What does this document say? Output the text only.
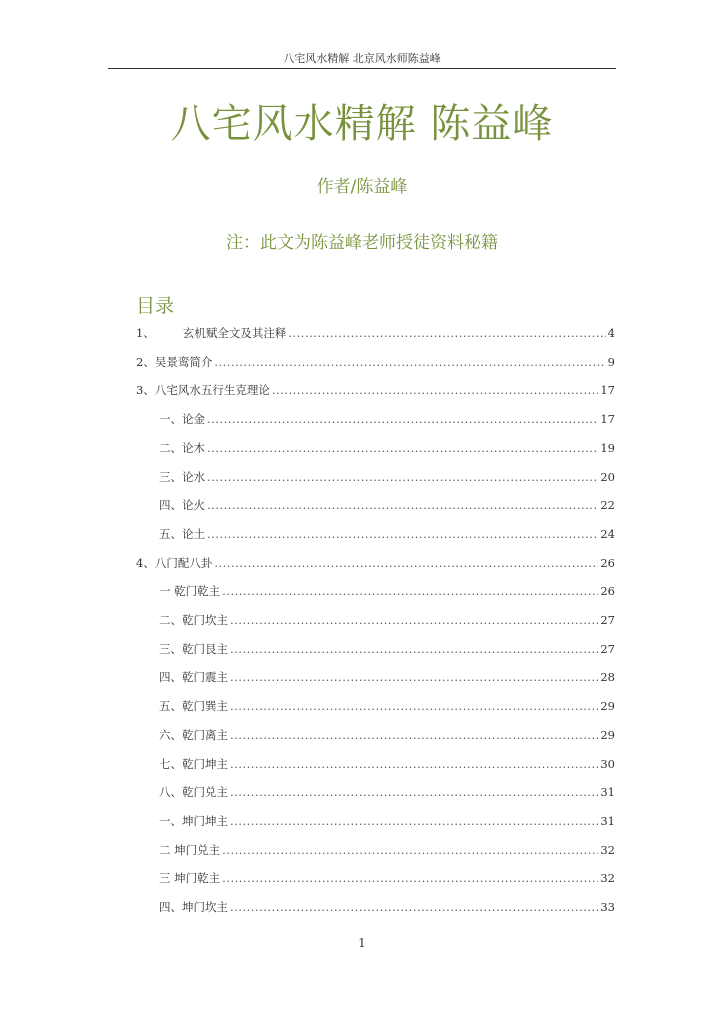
八宅风水精解 北京风水师陈益峰
八宅风水精解 陈益峰
作者/陈益峰
注：此文为陈益峰老师授徒资料秘籍
目录
1、 玄机赋全文及其注释 .....	4
2、吴景鸾简介 .....	9
3、八宅风水五行生克理论 .....	17
一、论金 .....	17
二、论木 .....	19
三、论水 .....	20
四、论火 .....	22
五、论土 .....	24
4、八门配八卦 .....	26
一 乾门乾主 .....	26
二、乾门坎主 .....	27
三、乾门艮主 .....	27
四、乾门震主 .....	28
五、乾门巽主 .....	29
六、乾门离主 .....	29
七、乾门坤主 .....	30
八、乾门兑主 .....	31
一、坤门坤主 .....	31
二 坤门兑主 .....	32
三 坤门乾主 .....	32
四、坤门坎主 .....	33
1
